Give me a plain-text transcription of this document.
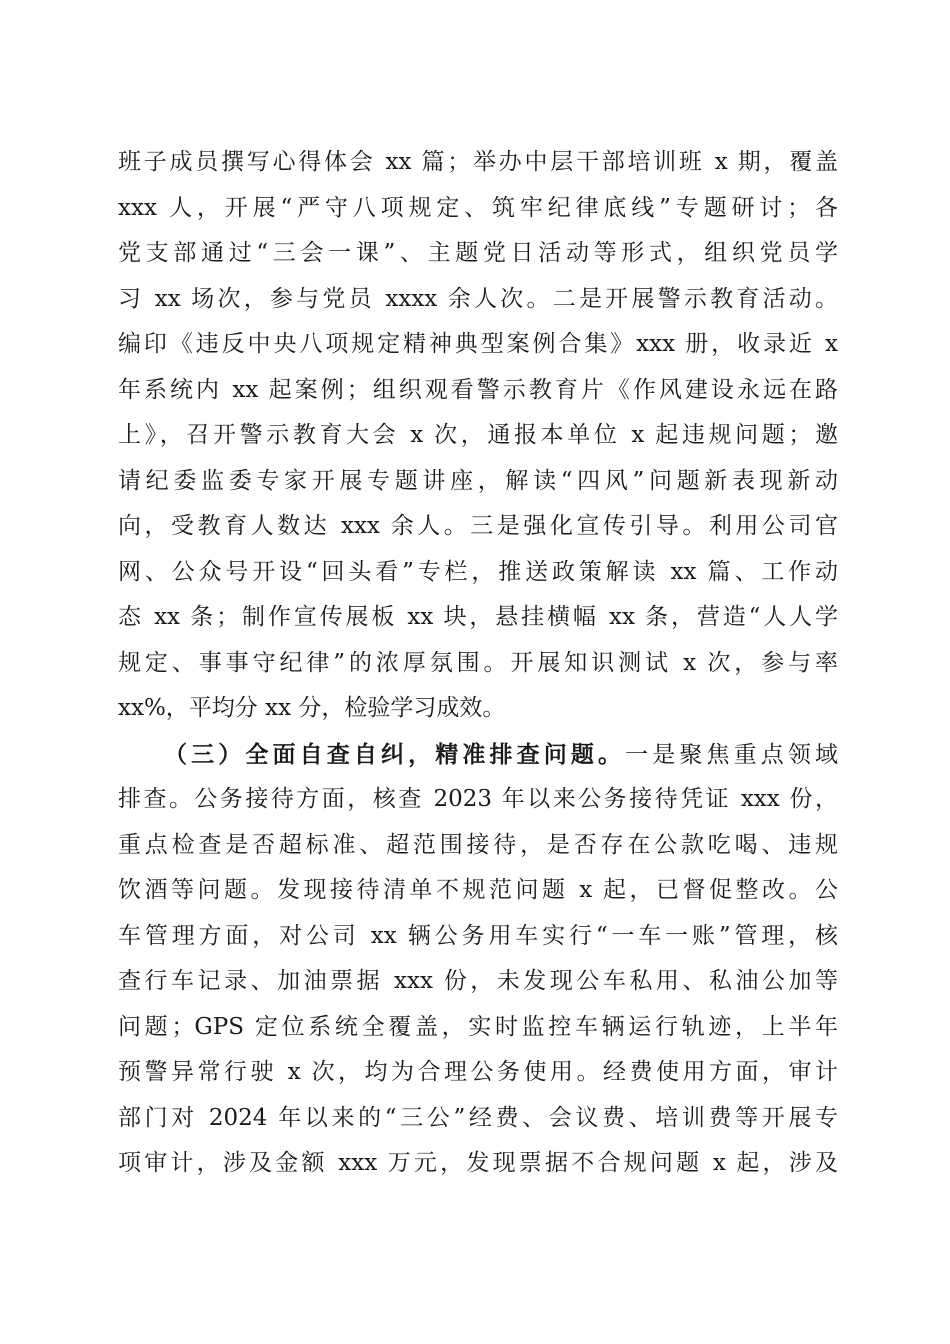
班子成员撰写心得体会 xx 篇；举办中层干部培训班 x 期，覆盖
xxx 人，开展“严守八项规定、筑牢纪律底线”专题研讨；各
党支部通过“三会一课”、主题党日活动等形式，组织党员学
习 xx 场次，参与党员 xxxx 余人次。二是开展警示教育活动。
编印《违反中央八项规定精神典型案例合集》xxx 册，收录近 x
年系统内 xx 起案例；组织观看警示教育片《作风建设永远在路
上》，召开警示教育大会 x 次，通报本单位 x 起违规问题；邀
请纪委监委专家开展专题讲座，解读“四风”问题新表现新动
向，受教育人数达 xxx 余人。三是强化宣传引导。利用公司官
网、公众号开设“回头看”专栏，推送政策解读 xx 篇、工作动
态 xx 条；制作宣传展板 xx 块，悬挂横幅 xx 条，营造“人人学
规定、事事守纪律”的浓厚氛围。开展知识测试 x 次，参与率
xx%，平均分 xx 分，检验学习成效。
（三）全面自查自纠，精准排查问题。一是聚焦重点领域
排查。公务接待方面，核查 2023 年以来公务接待凭证 xxx 份，
重点检查是否超标准、超范围接待，是否存在公款吃喝、违规
饮酒等问题。发现接待清单不规范问题 x 起，已督促整改。公
车管理方面，对公司 xx 辆公务用车实行“一车一账”管理，核
查行车记录、加油票据 xxx 份，未发现公车私用、私油公加等
问题；GPS 定位系统全覆盖，实时监控车辆运行轨迹，上半年
预警异常行驶 x 次，均为合理公务使用。经费使用方面，审计
部门对 2024 年以来的“三公”经费、会议费、培训费等开展专
项审计，涉及金额 xxx 万元，发现票据不合规问题 x 起，涉及
